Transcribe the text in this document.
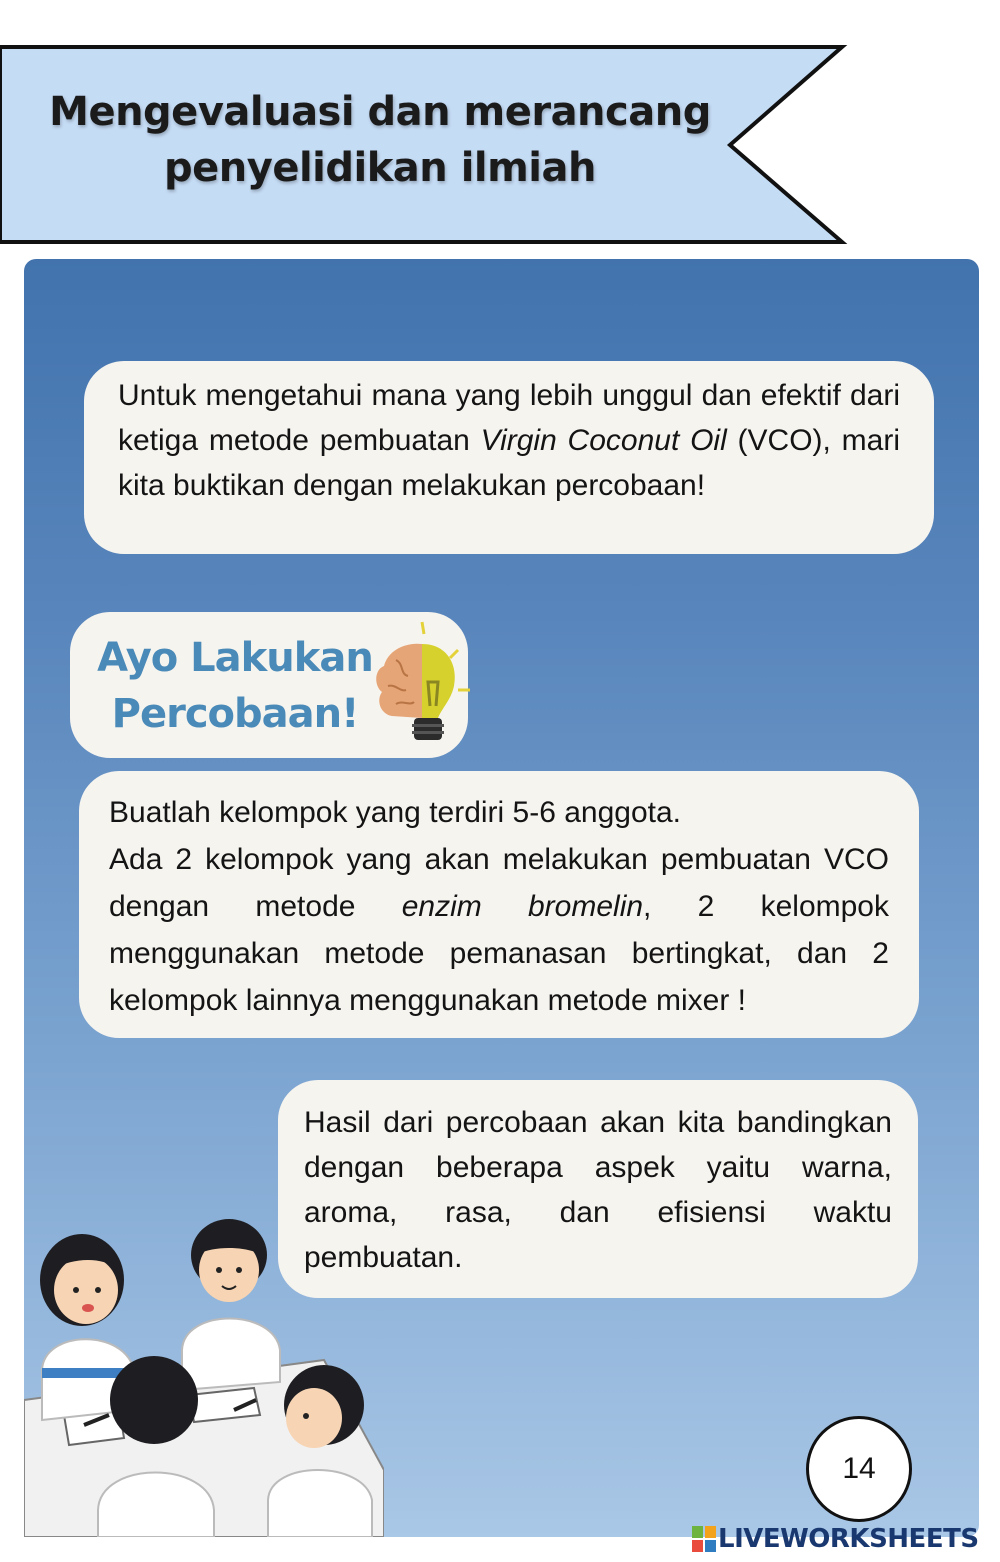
Mengevaluasi dan merancang
penyelidikan ilmiah

Untuk mengetahui mana yang lebih unggul dan efektif dari ketiga metode pembuatan Virgin Coconut Oil (VCO), mari kita buktikan dengan melakukan percobaan!

Ayo Lakukan
Percobaan!

Buatlah kelompok yang terdiri 5-6 anggota.

Ada 2 kelompok yang akan melakukan pembuatan VCO dengan metode enzim bromelin, 2 kelompok menggunakan metode pemanasan bertingkat, dan 2 kelompok lainnya menggunakan metode mixer !

Hasil dari percobaan akan kita bandingkan dengan beberapa aspek yaitu warna, aroma, rasa, dan efisiensi waktu pembuatan.

14
LIVEWORKSHEETS
